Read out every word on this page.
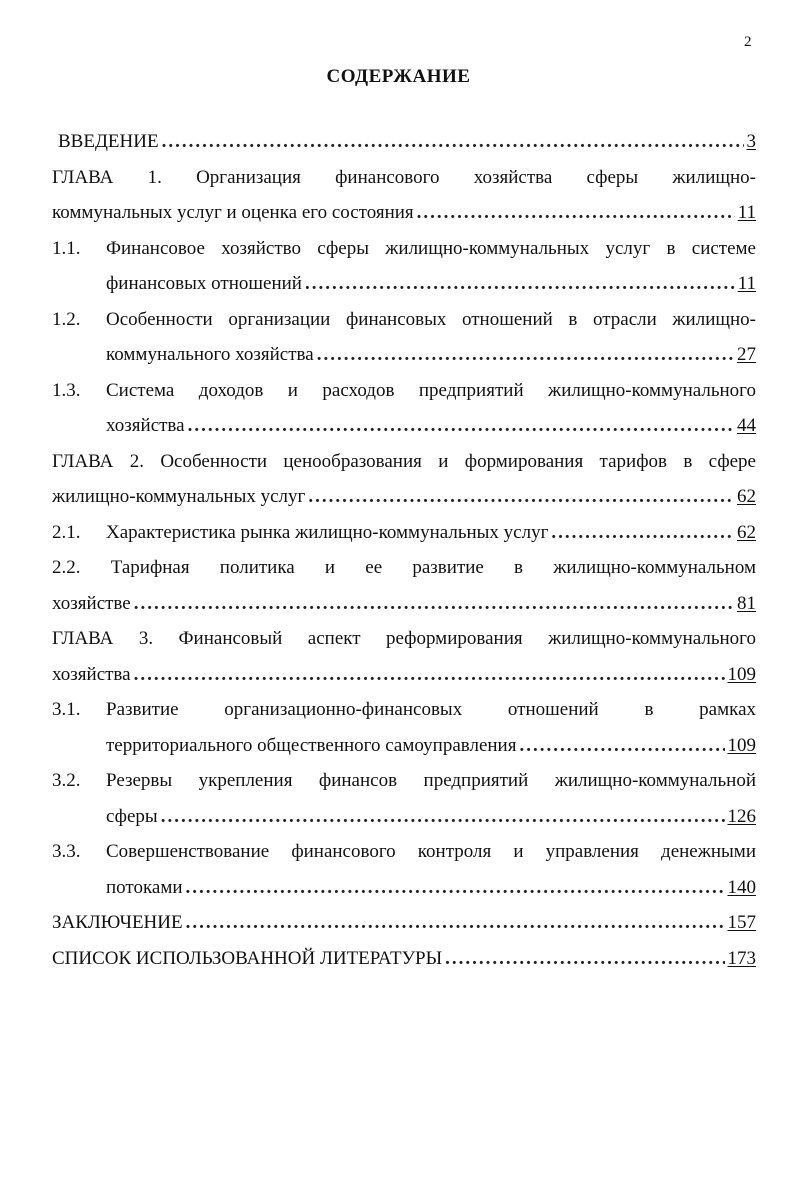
2
СОДЕРЖАНИЕ
ВВЕДЕНИЕ .....	3
ГЛАВА 1. Организация финансового хозяйства сферы жилищно-
коммунальных услуг и оценка его состояния .....	11
1.1. Финансовое хозяйство сферы жилищно-коммунальных услуг в системе
финансовых отношений .....	11
1.2. Особенности организации финансовых отношений в отрасли жилищно-
коммунального хозяйства .....	27
1.3. Система доходов и расходов предприятий жилищно-коммунального
хозяйства .....	44
ГЛАВА 2. Особенности ценообразования и формирования тарифов в сфере
жилищно-коммунальных услуг .....	62
2.1. Характеристика рынка жилищно-коммунальных услуг .....	62
2.2. Тарифная политика и ее развитие в жилищно-коммунальном
хозяйстве .....	81
ГЛАВА 3. Финансовый аспект реформирования жилищно-коммунального
хозяйства .....	109
3.1. Развитие организационно-финансовых отношений в рамках
территориального общественного самоуправления .....	109
3.2. Резервы укрепления финансов предприятий жилищно-коммунальной
сферы .....	126
3.3. Совершенствование финансового контроля и управления денежными
потоками .....	140
ЗАКЛЮЧЕНИЕ .....	157
СПИСОК ИСПОЛЬЗОВАННОЙ ЛИТЕРАТУРЫ .....	173
